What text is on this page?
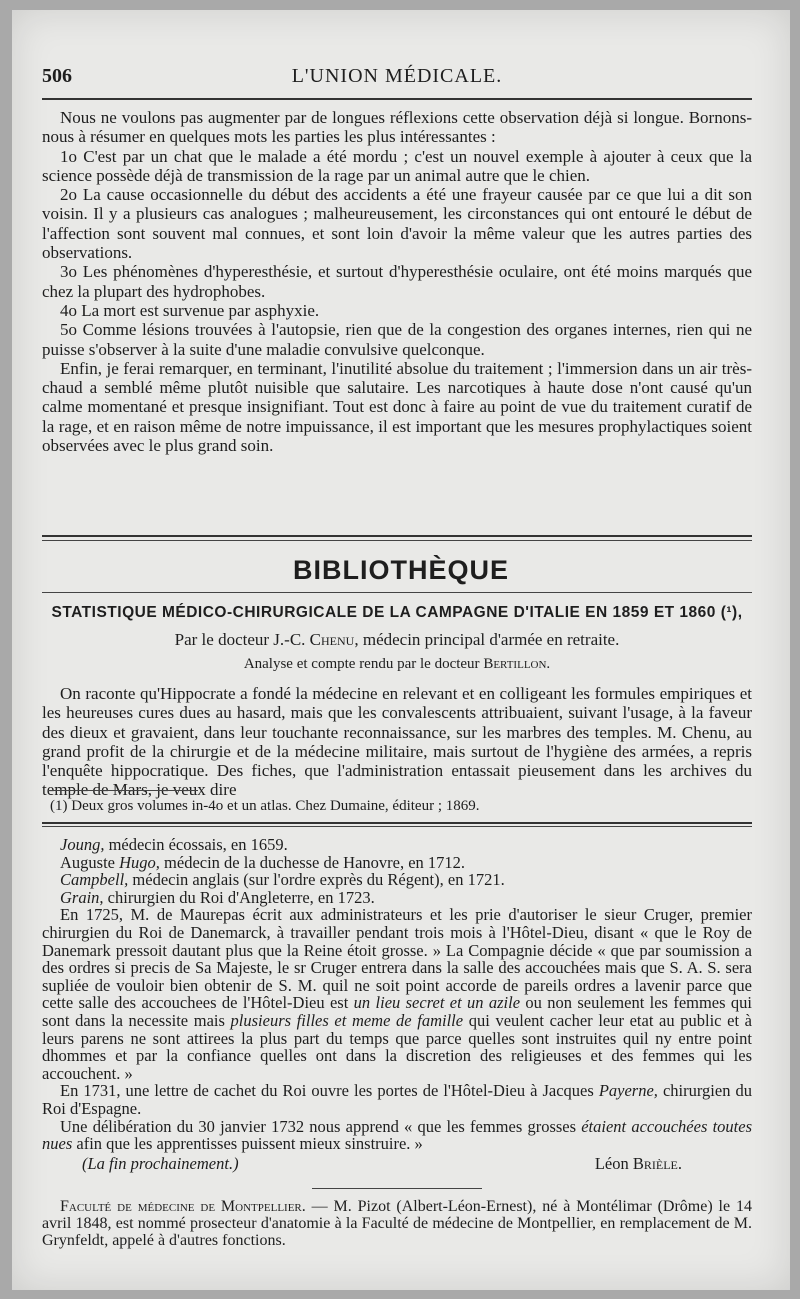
506	L'UNION MÉDICALE.

Nous ne voulons pas augmenter par de longues réflexions cette observation déjà si longue. Bornons-nous à résumer en quelques mots les parties les plus intéressantes :

1o C'est par un chat que le malade a été mordu ; c'est un nouvel exemple à ajouter à ceux que la science possède déjà de transmission de la rage par un animal autre que le chien.

2o La cause occasionnelle du début des accidents a été une frayeur causée par ce que lui a dit son voisin. Il y a plusieurs cas analogues ; malheureusement, les circonstances qui ont entouré le début de l'affection sont souvent mal connues, et sont loin d'avoir la même valeur que les autres parties des observations.

3o Les phénomènes d'hyperesthésie, et surtout d'hyperesthésie oculaire, ont été moins marqués que chez la plupart des hydrophobes.

4o La mort est survenue par asphyxie.

5o Comme lésions trouvées à l'autopsie, rien que de la congestion des organes internes, rien qui ne puisse s'observer à la suite d'une maladie convulsive quelconque.

Enfin, je ferai remarquer, en terminant, l'inutilité absolue du traitement ; l'immersion dans un air très-chaud a semblé même plutôt nuisible que salutaire. Les narcotiques à haute dose n'ont causé qu'un calme momentané et presque insignifiant. Tout est donc à faire au point de vue du traitement curatif de la rage, et en raison même de notre impuissance, il est important que les mesures prophylactiques soient observées avec le plus grand soin.

BIBLIOTHÈQUE
STATISTIQUE MÉDICO-CHIRURGICALE DE LA CAMPAGNE D'ITALIE EN 1859 ET 1860 (¹),
Par le docteur J.-C. Chenu, médecin principal d'armée en retraite.
Analyse et compte rendu par le docteur Bertillon.

On raconte qu'Hippocrate a fondé la médecine en relevant et en colligeant les formules empiriques et les heureuses cures dues au hasard, mais que les convalescents attribuaient, suivant l'usage, à la faveur des dieux et gravaient, dans leur touchante reconnaissance, sur les marbres des temples. M. Chenu, au grand profit de la chirurgie et de la médecine militaire, mais surtout de l'hygiène des armées, a repris l'enquête hippocratique. Des fiches, que l'administration entassait pieusement dans les archives du temple de Mars, je veux dire

(1) Deux gros volumes in-4o et un atlas. Chez Dumaine, éditeur ; 1869.

Joung, médecin écossais, en 1659.

Auguste Hugo, médecin de la duchesse de Hanovre, en 1712.

Campbell, médecin anglais (sur l'ordre exprès du Régent), en 1721.

Grain, chirurgien du Roi d'Angleterre, en 1723.

En 1725, M. de Maurepas écrit aux administrateurs et les prie d'autoriser le sieur Cruger, premier chirurgien du Roi de Danemarck, à travailler pendant trois mois à l'Hôtel-Dieu, disant « que le Roy de Danemark pressoit dautant plus que la Reine étoit grosse. » La Compagnie décide « que par soumission a des ordres si precis de Sa Majeste, le sr Cruger entrera dans la salle des accouchées mais que S. A. S. sera supliée de vouloir bien obtenir de S. M. quil ne soit point accorde de pareils ordres a lavenir parce que cette salle des accouchees de l'Hôtel-Dieu est un lieu secret et un azile ou non seulement les femmes qui sont dans la necessite mais plusieurs filles et meme de famille qui veulent cacher leur etat au public et à leurs parens ne sont attirees la plus part du temps que parce quelles sont instruites quil ny entre point dhommes et par la confiance quelles ont dans la discretion des religieuses et des femmes qui les accouchent. »

En 1731, une lettre de cachet du Roi ouvre les portes de l'Hôtel-Dieu à Jacques Payerne, chirurgien du Roi d'Espagne.

Une délibération du 30 janvier 1732 nous apprend « que les femmes grosses étaient accouchées toutes nues afin que les apprentisses puissent mieux sinstruire. »

(La fin prochainement.)	Léon Brièle.

Faculté de médecine de Montpellier. — M. Pizot (Albert-Léon-Ernest), né à Montélimar (Drôme) le 14 avril 1848, est nommé prosecteur d'anatomie à la Faculté de médecine de Montpellier, en remplacement de M. Grynfeldt, appelé à d'autres fonctions.
